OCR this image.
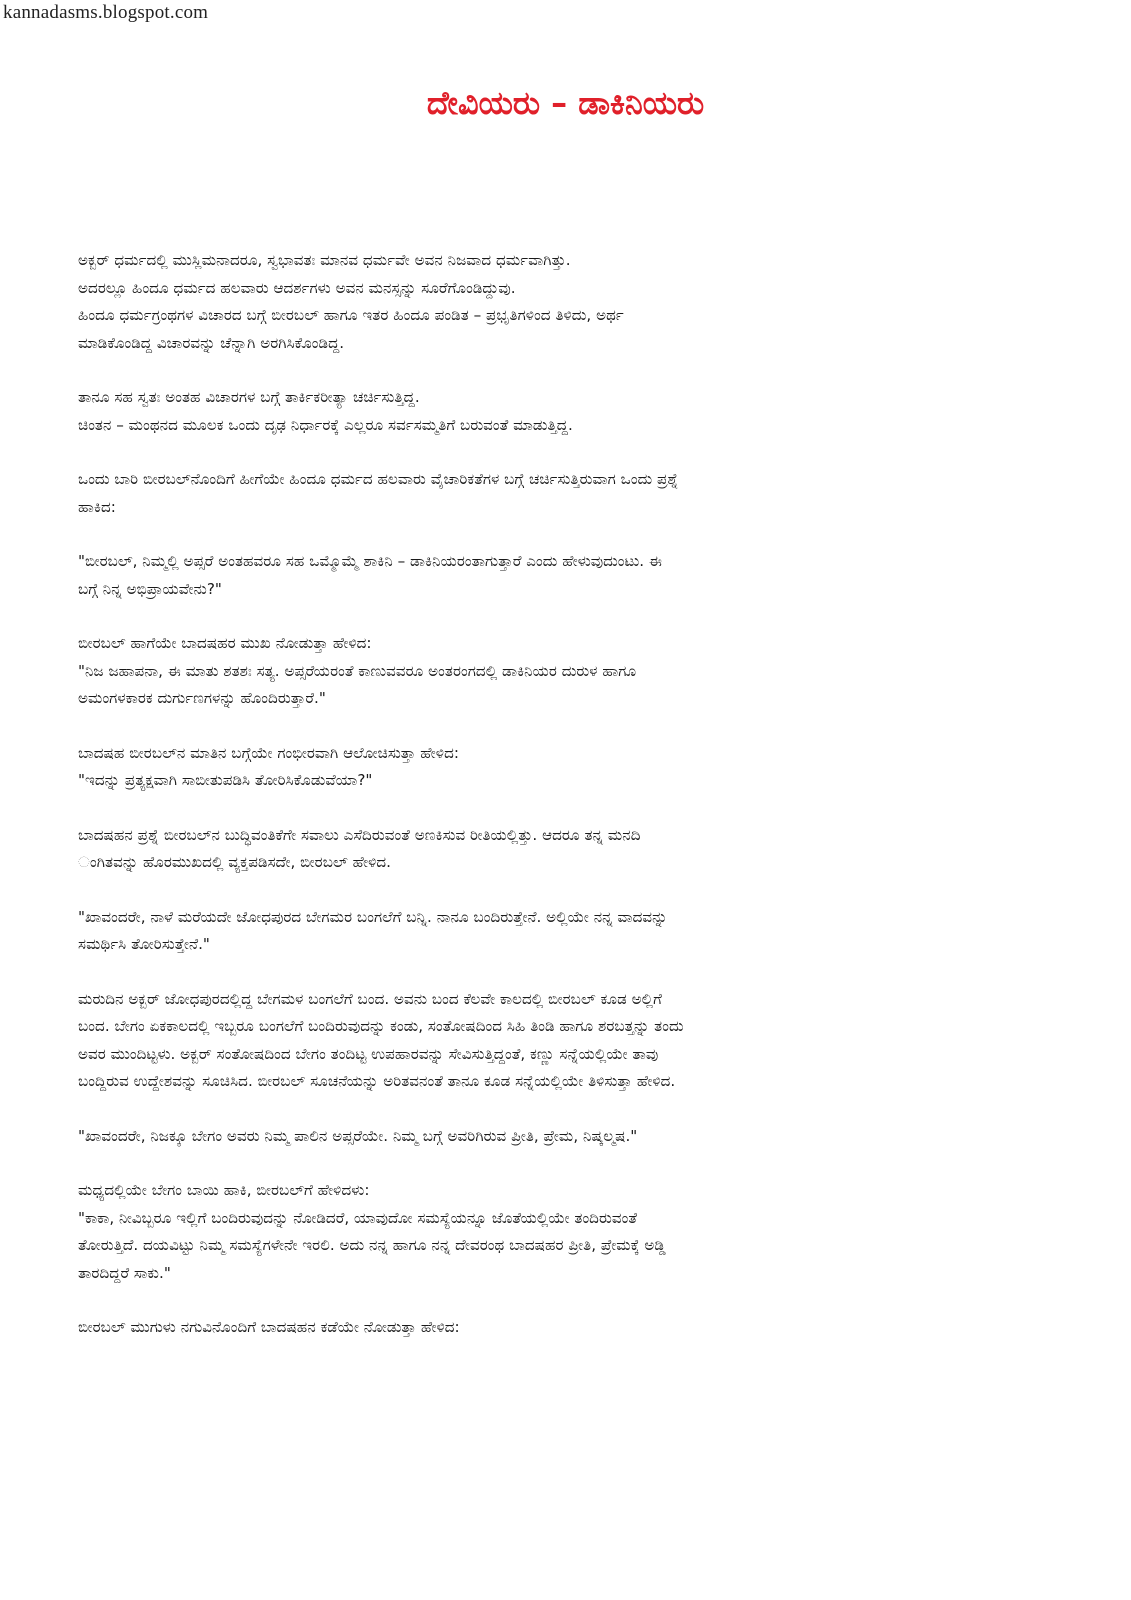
kannadasms.blogspot.com
ದೇವಿಯರು – ಡಾಕಿನಿಯರು
ಅಕ್ಬರ್ ಧರ್ಮದಲ್ಲಿ ಮುಸ್ಲಿಮನಾದರೂ, ಸ್ವಭಾವತಃ ಮಾನವ ಧರ್ಮವೇ ಅವನ ನಿಜವಾದ ಧರ್ಮವಾಗಿತ್ತು.
ಅದರಲ್ಲೂ ಹಿಂದೂ ಧರ್ಮದ ಹಲವಾರು ಆದರ್ಶಗಳು ಅವನ ಮನಸ್ಸನ್ನು ಸೂರೆಗೊಂಡಿದ್ದುವು.
ಹಿಂದೂ ಧರ್ಮಗ್ರಂಥಗಳ ವಿಚಾರದ ಬಗ್ಗೆ ಬೀರಬಲ್ ಹಾಗೂ ಇತರ ಹಿಂದೂ ಪಂಡಿತ – ಪ್ರಭೃತಿಗಳಿಂದ ತಿಳಿದು, ಅರ್ಥ
ಮಾಡಿಕೊಂಡಿದ್ದ ವಿಚಾರವನ್ನು ಚೆನ್ನಾಗಿ ಅರಗಿಸಿಕೊಂಡಿದ್ದ.
ತಾನೂ ಸಹ ಸ್ವತಃ ಅಂತಹ ವಿಚಾರಗಳ ಬಗ್ಗೆ ತಾರ್ಕಿಕರೀತ್ಯಾ ಚರ್ಚಿಸುತ್ತಿದ್ದ.
ಚಿಂತನ – ಮಂಥನದ ಮೂಲಕ ಒಂದು ದೃಢ ನಿರ್ಧಾರಕ್ಕೆ ಎಲ್ಲರೂ ಸರ್ವಸಮ್ಮತಿಗೆ ಬರುವಂತೆ ಮಾಡುತ್ತಿದ್ದ.
ಒಂದು ಬಾರಿ ಬೀರಬಲ್‌ನೊಂದಿಗೆ ಹೀಗೆಯೇ ಹಿಂದೂ ಧರ್ಮದ ಹಲವಾರು ವೈಚಾರಿಕತೆಗಳ ಬಗ್ಗೆ ಚರ್ಚಿಸುತ್ತಿರುವಾಗ ಒಂದು ಪ್ರಶ್ನೆ
ಹಾಕಿದ:
"ಬೀರಬಲ್, ನಿಮ್ಮಲ್ಲಿ ಅಪ್ಸರೆ ಅಂತಹವರೂ ಸಹ ಒಮ್ಮೊಮ್ಮೆ ಶಾಕಿನಿ – ಡಾಕಿನಿಯರಂತಾಗುತ್ತಾರೆ ಎಂದು ಹೇಳುವುದುಂಟು. ಈ
ಬಗ್ಗೆ ನಿನ್ನ ಅಭಿಪ್ರಾಯವೇನು?"
ಬೀರಬಲ್ ಹಾಗೆಯೇ ಬಾದಷಹರ ಮುಖ ನೋಡುತ್ತಾ ಹೇಳಿದ:
"ನಿಜ ಜಹಾಪನಾ, ಈ ಮಾತು ಶತಶಃ ಸತ್ಯ. ಅಪ್ಸರೆಯರಂತೆ ಕಾಣುವವರೂ ಅಂತರಂಗದಲ್ಲಿ ಡಾಕಿನಿಯರ ದುರುಳ ಹಾಗೂ
ಅಮಂಗಳಕಾರಕ ದುರ್ಗುಣಗಳನ್ನು ಹೊಂದಿರುತ್ತಾರೆ."
ಬಾದಷಹ ಬೀರಬಲ್‌ನ ಮಾತಿನ ಬಗ್ಗೆಯೇ ಗಂಭೀರವಾಗಿ ಆಲೋಚಿಸುತ್ತಾ ಹೇಳಿದ:
"ಇದನ್ನು ಪ್ರತ್ಯಕ್ಷವಾಗಿ ಸಾಬೀತುಪಡಿಸಿ ತೋರಿಸಿಕೊಡುವೆಯಾ?"
ಬಾದಷಹನ ಪ್ರಶ್ನೆ ಬೀರಬಲ್‌ನ ಬುದ್ಧಿವಂತಿಕೆಗೇ ಸವಾಲು ಎಸೆದಿರುವಂತೆ ಅಣಕಿಸುವ ರೀತಿಯಲ್ಲಿತ್ತು. ಆದರೂ ತನ್ನ ಮನದಿ
ಂಗಿತವನ್ನು ಹೊರಮುಖದಲ್ಲಿ ವ್ಯಕ್ತಪಡಿಸದೇ, ಬೀರಬಲ್ ಹೇಳಿದ.
"ಖಾವಂದರೇ, ನಾಳೆ ಮರೆಯದೇ ಜೋಧಪುರದ ಬೇಗಮರ ಬಂಗಲೆಗೆ ಬನ್ನಿ. ನಾನೂ ಬಂದಿರುತ್ತೇನೆ. ಅಲ್ಲಿಯೇ ನನ್ನ ವಾದವನ್ನು
ಸಮರ್ಥಿಸಿ ತೋರಿಸುತ್ತೇನೆ."
ಮರುದಿನ ಅಕ್ಬರ್ ಜೋಧಪುರದಲ್ಲಿದ್ದ ಬೇಗಮಳ ಬಂಗಲೆಗೆ ಬಂದ. ಅವನು ಬಂದ ಕೆಲವೇ ಕಾಲದಲ್ಲಿ ಬೀರಬಲ್ ಕೂಡ ಅಲ್ಲಿಗೆ
ಬಂದ. ಬೇಗಂ ಏಕಕಾಲದಲ್ಲಿ ಇಬ್ಬರೂ ಬಂಗಲೆಗೆ ಬಂದಿರುವುದನ್ನು ಕಂಡು, ಸಂತೋಷದಿಂದ ಸಿಹಿ ತಿಂಡಿ ಹಾಗೂ ಶರಬತ್ತನ್ನು ತಂದು
ಅವರ ಮುಂದಿಟ್ಟಳು. ಅಕ್ಬರ್ ಸಂತೋಷದಿಂದ ಬೇಗಂ ತಂದಿಟ್ಟ ಉಪಹಾರವನ್ನು ಸೇವಿಸುತ್ತಿದ್ದಂತೆ, ಕಣ್ಣು ಸನ್ನೆಯಲ್ಲಿಯೇ ತಾವು
ಬಂದ್ದಿರುವ ಉದ್ದೇಶವನ್ನು ಸೂಚಿಸಿದ. ಬೀರಬಲ್ ಸೂಚನೆಯನ್ನು ಅರಿತವನಂತೆ ತಾನೂ ಕೂಡ ಸನ್ನೆಯಲ್ಲಿಯೇ ತಿಳಿಸುತ್ತಾ ಹೇಳಿದ.
"ಖಾವಂದರೇ, ನಿಜಕ್ಕೂ ಬೇಗಂ ಅವರು ನಿಮ್ಮ ಪಾಲಿನ ಅಪ್ಸರೆಯೇ. ನಿಮ್ಮ ಬಗ್ಗೆ ಅವರಿಗಿರುವ ಪ್ರೀತಿ, ಪ್ರೇಮ, ನಿಷ್ಕಲ್ಮಷ."
ಮಧ್ಯದಲ್ಲಿಯೇ ಬೇಗಂ ಬಾಯಿ ಹಾಕಿ, ಬೀರಬಲ್‌ಗೆ ಹೇಳಿದಳು:
"ಕಾಕಾ, ನೀವಿಬ್ಬರೂ ಇಲ್ಲಿಗೆ ಬಂದಿರುವುದನ್ನು ನೋಡಿದರೆ, ಯಾವುದೋ ಸಮಸ್ಯೆಯನ್ನೂ ಜೊತೆಯಲ್ಲಿಯೇ ತಂದಿರುವಂತೆ
ತೋರುತ್ತಿದೆ. ದಯವಿಟ್ಟು ನಿಮ್ಮ ಸಮಸ್ಯೆಗಳೇನೇ ಇರಲಿ. ಅದು ನನ್ನ ಹಾಗೂ ನನ್ನ ದೇವರಂಥ ಬಾದಷಹರ ಪ್ರೀತಿ, ಪ್ರೇಮಕ್ಕೆ ಅಡ್ಡಿ
ತಾರದಿದ್ದರೆ ಸಾಕು."
ಬೀರಬಲ್ ಮುಗುಳು ನಗುವಿನೊಂದಿಗೆ ಬಾದಷಹನ ಕಡೆಯೇ ನೋಡುತ್ತಾ ಹೇಳಿದ:
